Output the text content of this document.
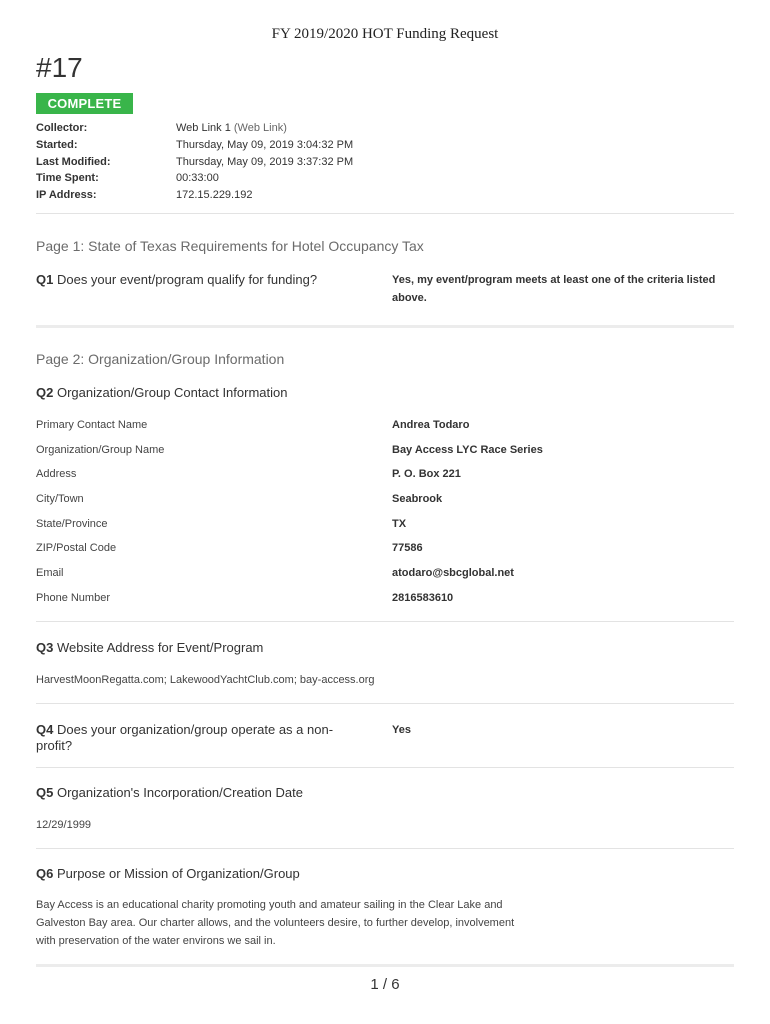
FY 2019/2020 HOT Funding Request
#17
COMPLETE
Collector:	Web Link 1 (Web Link)
Started:	Thursday, May 09, 2019 3:04:32 PM
Last Modified:	Thursday, May 09, 2019 3:37:32 PM
Time Spent:	00:33:00
IP Address:	172.15.229.192
Page 1: State of Texas Requirements for Hotel Occupancy Tax
Q1 Does your event/program qualify for funding?	Yes, my event/program meets at least one of the criteria listed above.
Page 2: Organization/Group Information
Q2 Organization/Group Contact Information
Primary Contact Name	Andrea Todaro
Organization/Group Name	Bay Access LYC Race Series
Address	P. O. Box 221
City/Town	Seabrook
State/Province	TX
ZIP/Postal Code	77586
Email	atodaro@sbcglobal.net
Phone Number	2816583610
Q3 Website Address for Event/Program
HarvestMoonRegatta.com; LakewoodYachtClub.com; bay-access.org
Q4 Does your organization/group operate as a non-
profit?
Yes
Q5 Organization's Incorporation/Creation Date
12/29/1999
Q6 Purpose or Mission of Organization/Group
Bay Access is an educational charity promoting youth and amateur sailing in the Clear Lake and
Galveston Bay area. Our charter allows, and the volunteers desire, to further develop, involvement
with preservation of the water environs we sail in.
1 / 6
